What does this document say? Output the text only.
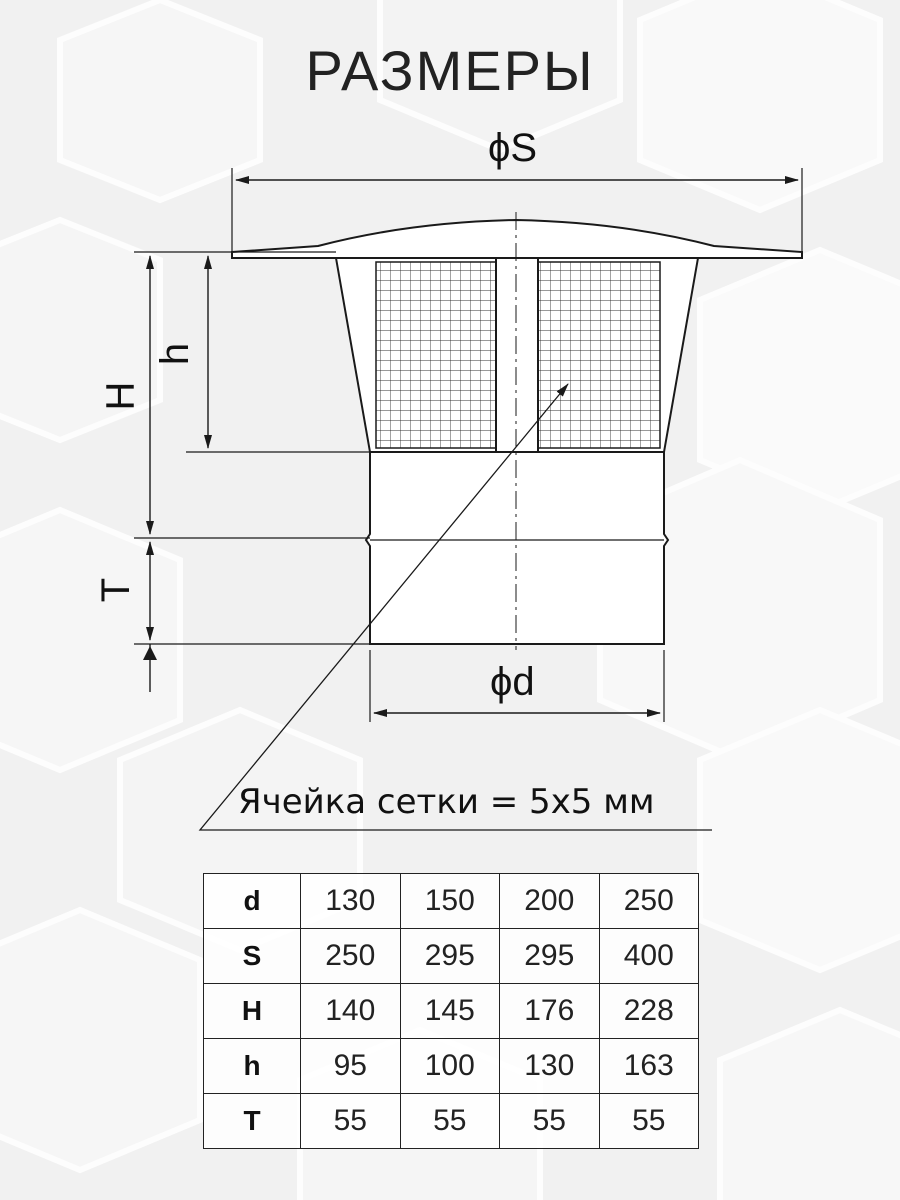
РАЗМЕРЫ
ϕS
ϕd
H
h
T
Ячейка сетки = 5х5 мм
d	130	150	200	250
S	250	295	295	400
H	140	145	176	228
h	95	100	130	163
T	55	55	55	55
